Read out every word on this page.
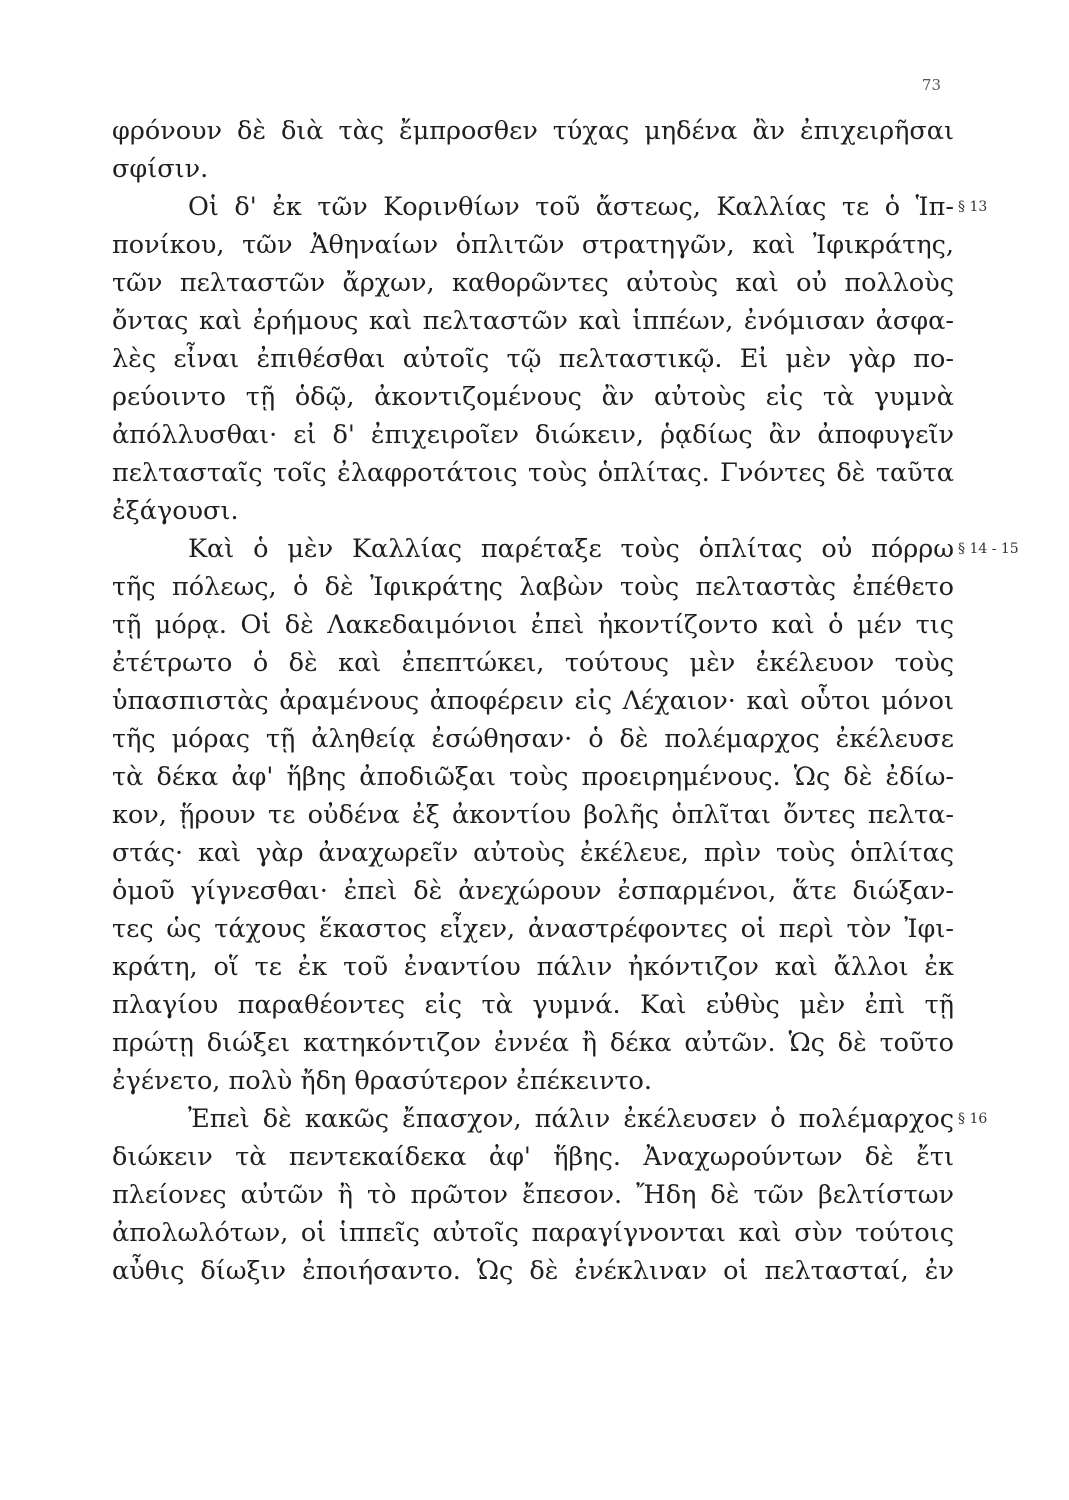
73
φρόνουν δὲ διὰ τὰς ἔμπροσθεν τύχας μηδένα ἂν ἐπιχειρῆσαι
σφίσιν.
Οἱ δ' ἐκ τῶν Κορινθίων τοῦ ἄστεως, Καλλίας τε ὁ Ἱπ-
πονίκου, τῶν Ἀθηναίων ὁπλιτῶν στρατηγῶν, καὶ Ἰφικράτης,
τῶν πελταστῶν ἄρχων, καθορῶντες αὐτοὺς καὶ οὐ πολλοὺς
ὄντας καὶ ἐρήμους καὶ πελταστῶν καὶ ἱππέων, ἐνόμισαν ἀσφα-
λὲς εἶναι ἐπιθέσθαι αὐτοῖς τῷ πελταστικῷ. Εἰ μὲν γὰρ πο-
ρεύοιντο τῇ ὁδῷ, ἀκοντιζομένους ἂν αὐτοὺς εἰς τὰ γυμνὰ
ἀπόλλυσθαι· εἰ δ' ἐπιχειροῖεν διώκειν, ῥᾳδίως ἂν ἀποφυγεῖν
πελτασταῖς τοῖς ἐλαφροτάτοις τοὺς ὁπλίτας. Γνόντες δὲ ταῦτα
ἐξάγουσι.
Καὶ ὁ μὲν Καλλίας παρέταξε τοὺς ὁπλίτας οὐ πόρρω
τῆς πόλεως, ὁ δὲ Ἰφικράτης λαβὼν τοὺς πελταστὰς ἐπέθετο
τῇ μόρᾳ. Οἱ δὲ Λακεδαιμόνιοι ἐπεὶ ἠκοντίζοντο καὶ ὁ μέν τις
ἐτέτρωτο ὁ δὲ καὶ ἐπεπτώκει, τούτους μὲν ἐκέλευον τοὺς
ὑπασπιστὰς ἀραμένους ἀποφέρειν εἰς Λέχαιον· καὶ οὗτοι μόνοι
τῆς μόρας τῇ ἀληθείᾳ ἐσώθησαν· ὁ δὲ πολέμαρχος ἐκέλευσε
τὰ δέκα ἀφ' ἥβης ἀποδιῶξαι τοὺς προειρημένους. Ὡς δὲ ἐδίω-
κον, ᾕρουν τε οὐδένα ἐξ ἀκοντίου βολῆς ὁπλῖται ὄντες πελτα-
στάς· καὶ γὰρ ἀναχωρεῖν αὐτοὺς ἐκέλευε, πρὶν τοὺς ὁπλίτας
ὁμοῦ γίγνεσθαι· ἐπεὶ δὲ ἀνεχώρουν ἐσπαρμένοι, ἅτε διώξαν-
τες ὡς τάχους ἕκαστος εἶχεν, ἀναστρέφοντες οἱ περὶ τὸν Ἰφι-
κράτη, οἵ τε ἐκ τοῦ ἐναντίου πάλιν ἠκόντιζον καὶ ἄλλοι ἐκ
πλαγίου παραθέοντες εἰς τὰ γυμνά. Καὶ εὐθὺς μὲν ἐπὶ τῇ
πρώτῃ διώξει κατηκόντιζον ἐννέα ἢ δέκα αὐτῶν. Ὡς δὲ τοῦτο
ἐγένετο, πολὺ ἤδη θρασύτερον ἐπέκειντο.
Ἐπεὶ δὲ κακῶς ἔπασχον, πάλιν ἐκέλευσεν ὁ πολέμαρχος
διώκειν τὰ πεντεκαίδεκα ἀφ' ἥβης. Ἀναχωρούντων δὲ ἔτι
πλείονες αὐτῶν ἢ τὸ πρῶτον ἔπεσον. Ἤδη δὲ τῶν βελτίστων
ἀπολωλότων, οἱ ἱππεῖς αὐτοῖς παραγίγνονται καὶ σὺν τούτοις
αὖθις δίωξιν ἐποιήσαντο. Ὡς δὲ ἐνέκλιναν οἱ πελτασταί, ἐν
§ 13
§ 14 - 15
§ 16
